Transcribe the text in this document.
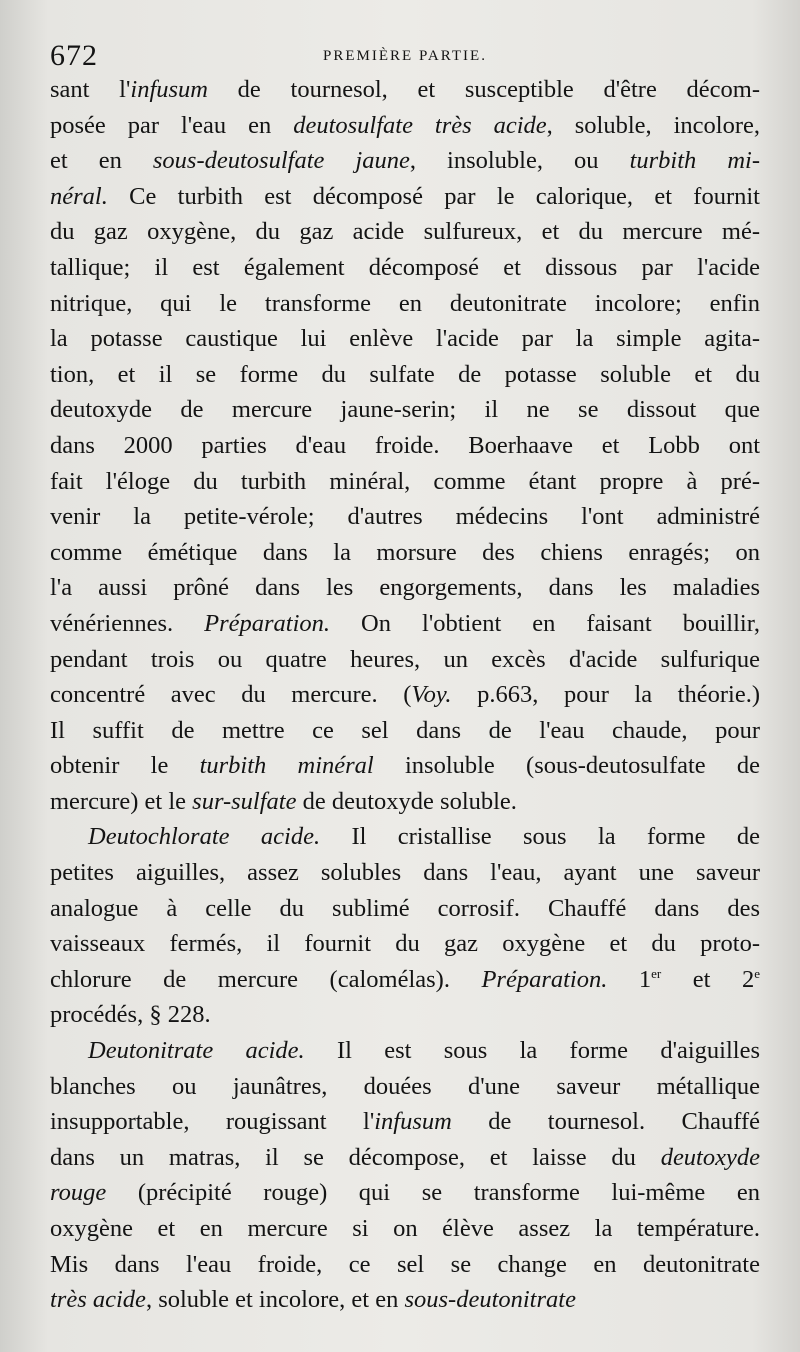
672	PREMIÈRE PARTIE.
sant l'infusum de tournesol, et susceptible d'être décom-
posée par l'eau en deutosulfate très acide, soluble, incolore,
et en sous-deutosulfate jaune, insoluble, ou turbith mi-
néral. Ce turbith est décomposé par le calorique, et fournit
du gaz oxygène, du gaz acide sulfureux, et du mercure mé-
tallique; il est également décomposé et dissous par l'acide
nitrique, qui le transforme en deutonitrate incolore; enfin
la potasse caustique lui enlève l'acide par la simple agita-
tion, et il se forme du sulfate de potasse soluble et du
deutoxyde de mercure jaune-serin; il ne se dissout que
dans 2000 parties d'eau froide. Boerhaave et Lobb ont
fait l'éloge du turbith minéral, comme étant propre à pré-
venir la petite-vérole; d'autres médecins l'ont administré
comme émétique dans la morsure des chiens enragés; on
l'a aussi prôné dans les engorgements, dans les maladies
vénériennes. Préparation. On l'obtient en faisant bouillir,
pendant trois ou quatre heures, un excès d'acide sulfurique
concentré avec du mercure. (Voy. p.663, pour la théorie.)
Il suffit de mettre ce sel dans de l'eau chaude, pour
obtenir le turbith minéral insoluble (sous-deutosulfate de
mercure) et le sur-sulfate de deutoxyde soluble.
Deutochlorate acide. Il cristallise sous la forme de
petites aiguilles, assez solubles dans l'eau, ayant une saveur
analogue à celle du sublimé corrosif. Chauffé dans des
vaisseaux fermés, il fournit du gaz oxygène et du proto-
chlorure de mercure (calomélas). Préparation. 1er et 2e
procédés, § 228.
Deutonitrate acide. Il est sous la forme d'aiguilles
blanches ou jaunâtres, douées d'une saveur métallique
insupportable, rougissant l'infusum de tournesol. Chauffé
dans un matras, il se décompose, et laisse du deutoxyde
rouge (précipité rouge) qui se transforme lui-même en
oxygène et en mercure si on élève assez la température.
Mis dans l'eau froide, ce sel se change en deutonitrate
très acide, soluble et incolore, et en sous-deutonitrate
